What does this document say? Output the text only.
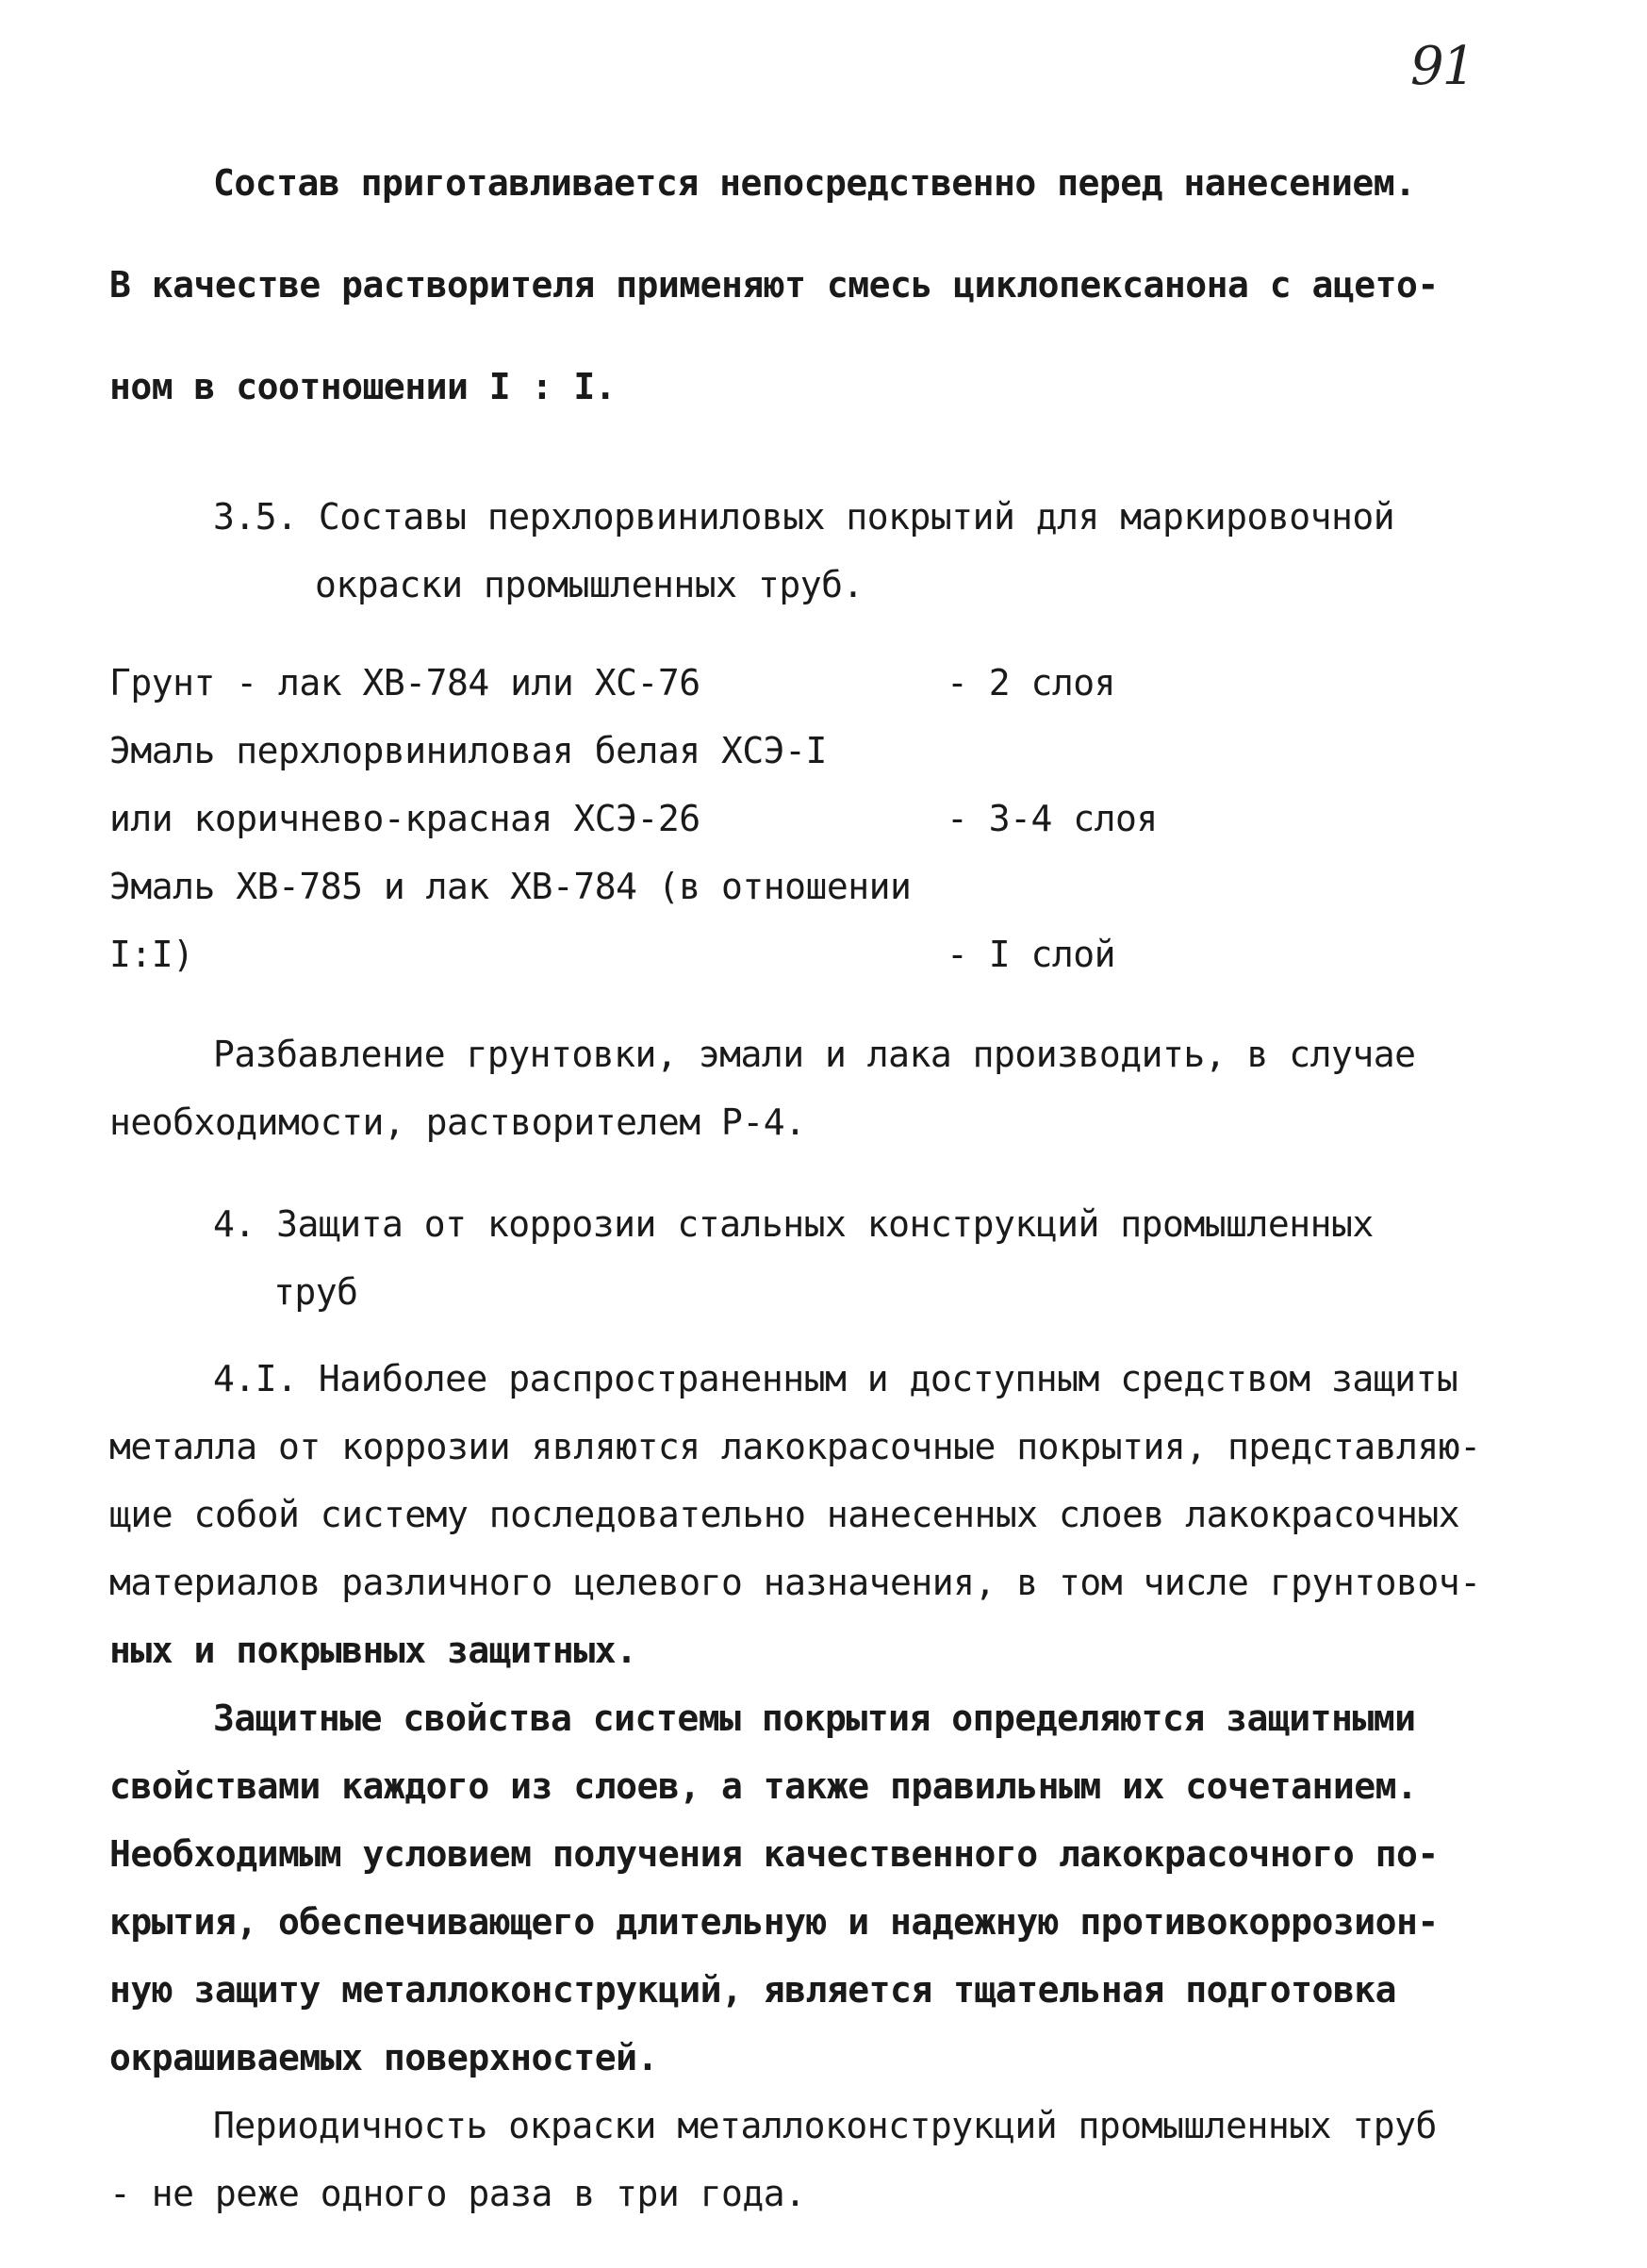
91
Состав приготавливается непосредственно перед нанесением.
В качестве растворителя применяют смесь циклопексанона с ацето-
ном в соотношении I : I.
3.5. Составы перхлорвиниловых покрытий для маркировочной
окраски промышленных труб.
Грунт - лак ХВ-784 или ХС-76	- 2 слоя
Эмаль перхлорвиниловая белая ХСЭ-I
или коричнево-красная ХСЭ-26	- 3-4 слоя
Эмаль ХВ-785 и лак ХВ-784 (в отношении
I:I)	- I слой
Разбавление грунтовки, эмали и лака производить, в случае
необходимости, растворителем Р-4.
4. Защита от коррозии стальных конструкций промышленных
труб
4.I. Наиболее распространенным и доступным средством защиты
металла от коррозии являются лакокрасочные покрытия, представляю-
щие собой систему последовательно нанесенных слоев лакокрасочных
материалов различного целевого назначения, в том числе грунтовоч-
ных и покрывных защитных.
Защитные свойства системы покрытия определяются защитными
свойствами каждого из слоев, а также правильным их сочетанием.
Необходимым условием получения качественного лакокрасочного по-
крытия, обеспечивающего длительную и надежную противокоррозион-
ную защиту металлоконструкций, является тщательная подготовка
окрашиваемых поверхностей.
Периодичность окраски металлоконструкций промышленных труб
- не реже одного раза в три года.
